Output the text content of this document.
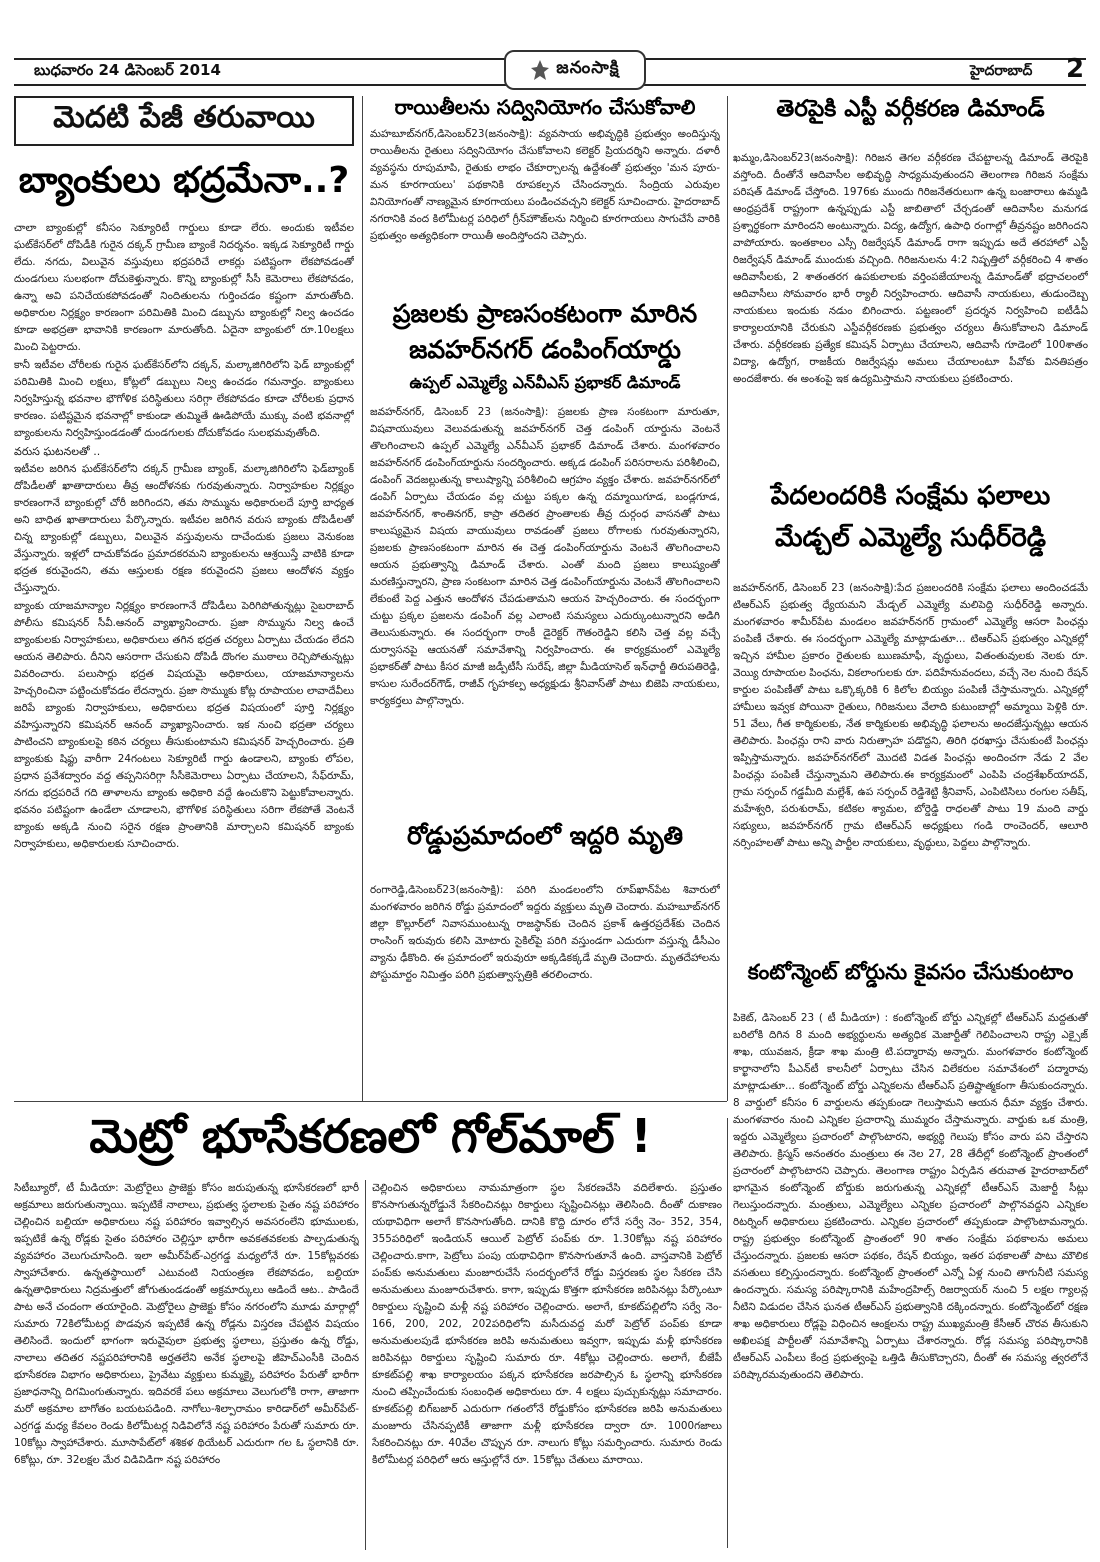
బుధవారం 24 డిసెంబర్ 2014	జనంసాక్షి	హైదరాబాద్ 2
మెదటి పేజీ తరువాయి
బ్యాంకులు భద్రమేనా..?

చాలా బ్యాంకుల్లో కనీసం సెక్యూరిటీ గార్డులు కూడా లేరు. అందుకు ఇటీవల ఘట్‌కేసర్‌లో దోపిడీకి గురైన దక్కన్‌ గ్రామీణ బ్యాంకే నిదర్శనం. ఇక్కడ సెక్యూరిటీ గార్డు లేదు. నగదు, విలువైన వస్తువులు భద్రపరిచే లాకర్లు పటిష్టంగా లేకపోవడంతో దుండగులు సులభంగా దోచుకెళ్తున్నారు. కొన్ని బ్యాంకుల్లో సీసీ కెమెరాలు లేకపోవడం, ఉన్నా అవి పనిచేయకపోవడంతో నిందితులను గుర్తించడం కష్టంగా మారుతోంది. అధికారుల నిర్లక్ష్యం కారణంగా పరిమితికి మించి డబ్బును బ్యాంకుల్లో నిల్వ ఉంచడం కూడా అభద్రతా భావానికి కారణంగా మారుతోంది. ఏదైనా బ్యాంకులో రూ.10లక్షలు మించి పెట్టరాదు.

కానీ ఇటీవల చోరీలకు గురైన ఘట్‌కేసర్‌లోని దక్కన్‌, మల్కాజిగిరిలోని ఫెడ్‌ బ్యాంకుల్లో పరిమితికి మించి లక్షలు, కోట్లలో డబ్బులు నిల్వ ఉంచడం గమనార్హం. బ్యాంకులు నిర్వహిస్తున్న భవనాల భౌగోళిక పరిస్థితులు సరిగ్గా లేకపోవడం కూడా చోరీలకు ప్రధాన కారణం. పటిష్టమైన భవనాల్లో కాకుండా తుమ్మితే ఊడిపోయే ముక్కు వంటి భవనాల్లో బ్యాంకులను నిర్వహిస్తుండడంతో దుండగులకు దోచుకోవడం సులభమవుతోంది.

వరుస ఘటనలతో ..

ఇటీవల జరిగిన ఘట్‌కేసర్‌లోని దక్కన్‌ గ్రామీణ బ్యాంక్‌, మల్కాజిగిరిలోని ఫెడ్‌బ్యాంక్‌ దోపిడీలతో ఖాతాదారులు తీవ్ర ఆందోళనకు గురవుతున్నారు. నిర్వాహకుల నిర్లక్ష్యం కారణంగానే బ్యాంకుల్లో చోరీ జరిగిందని, తమ సొమ్మును అధికారులదే పూర్తి బాధ్యత అని బాధిత ఖాతాదారులు పేర్కొన్నారు. ఇటీవల జరిగిన వరుస బ్యాంకు దోపిడీలతో చిన్న బ్యాంకుల్లో డబ్బులు, విలువైన వస్తువులను దాచేందుకు ప్రజలు వెనుకంజ వేస్తున్నారు. ఇళ్లలో దాచుకోవడం ప్రమాదకరమని బ్యాంకులను ఆశ్రయిస్తే వాటికి కూడా భద్రత కరువైందని, తమ ఆస్తులకు రక్షణ కరువైందని ప్రజలు ఆందోళన వ్యక్తం చేస్తున్నారు.

బ్యాంకు యాజమాన్యాల నిర్లక్ష్యం కారణంగానే దోపిడీలు పెరిగిపోతున్నట్లు సైబరాబాద్‌ పోలీసు కమిషనర్‌ సీవీ.ఆనంద్‌ వ్యాఖ్యానించారు. ప్రజా సొమ్మును నిల్వ ఉంచే బ్యాంకులకు నిర్వాహకులు, అధికారులు తగిన భద్రత చర్యలు ఏర్పాటు చేయడం లేదని ఆయన తెలిపారు. దీనిని ఆసరాగా చేసుకుని దోపిడీ దొంగల ముఠాలు రెచ్చిపోతున్నట్లు వివరించారు. పలుసార్లు భద్రత విషయమై అధికారులు, యాజమాన్యాలను హెచ్చరించినా పట్టించుకోవడం లేదన్నారు. ప్రజా సొమ్ముకు కోట్ల రూపాయల లావాదేవీలు జరిపే బ్యాంకు నిర్వాహకులు, అధికారులు భద్రత విషయంలో పూర్తి నిర్లక్ష్యం వహిస్తున్నారని కమిషనర్‌ ఆనంద్‌ వ్యాఖ్యానించారు. ఇక నుంచి భద్రతా చర్యలు పాటించని బ్యాంకులపై కఠిన చర్యలు తీసుకుంటామని కమిషనర్‌ హెచ్చరించారు. ప్రతి బ్యాంకుకు షిఫ్టు వారీగా 24గంటలు సెక్యూరిటీ గార్డు ఉండాలని, బ్యాంకు లోపల, ప్రధాన ప్రవేశద్వారం వద్ద తప్పనిసరిగ్గా సీసీకెమెరాలు ఏర్పాటు చేయాలని, సేఫ్‌రూమ్‌, నగదు భద్రపరిచే గది తాళాలను బ్యాంకు అధికారి వద్దే ఉంచుకొని పెట్టుకోవాలన్నారు. భవనం పటిష్టంగా ఉండేలా చూడాలని, భౌగోళిక పరిస్థితులు సరిగా లేకపోతే వెంటనే బ్యాంకు అక్కడి నుంచి సరైన రక్షణ ప్రాంతానికి మార్చాలని కమిషనర్‌ బ్యాంకు నిర్వాహకులు, అధికారులకు సూచించారు.

రాయితీలను సద్వినియోగం చేసుకోవాలి
మహబూబ్‌నగర్‌,డిసెంబర్‌23(జనంసాక్షి): వ్యవసాయ అభివృద్ధికి ప్రభుత్వం అందిస్తున్న రాయితీలను రైతులు సద్వినియోగం చేసుకోవాలని కలెక్టర్‌ ప్రియదర్శిని అన్నారు. దళారీ వ్యవస్థను రూపుమాపి, రైతుకు లాభం చేకూర్చాలన్న ఉద్దేశంతో ప్రభుత్వం 'మన పూరు-మన కూరగాయలు' పథకానికి రూపకల్పన చేసిందన్నారు. సేంద్రియ ఎరువుల వినియోగంతో నాణ్యమైన కూరగాయలు పండించవచ్చని కలెక్టర్‌ సూచించారు. హైదరాబాద్‌ నగరానికి వంద కిలోమీటర్ల పరిధిలో గ్రీన్‌హౌజ్‌లను నిర్మించి కూరగాయలు సాగుచేసే వారికి ప్రభుత్వం అత్యధికంగా రాయితీ అందిస్తోందని చెప్పారు.
ప్రజలకు ప్రాణసంకటంగా మారిన
జవహర్‌నగర్‌ డంపింగ్‌యార్డు
ఉప్పల్‌ ఎమ్మెల్యే ఎన్‌వీఎస్‌ ప్రభాకర్‌ డిమాండ్‌
జవహర్‌నగర్‌, డిసెంబర్‌ 23 (జనంసాక్షి): ప్రజలకు ప్రాణ సంకటంగా మారుతూ, విషవాయువులు వెలువడుతున్న జవహర్‌నగర్‌ చెత్త డంపింగ్‌ యార్డును వెంటనే తొలగించాలని ఉప్పల్‌ ఎమ్మెల్యే ఎన్‌వీఎస్‌ ప్రభాకర్‌ డిమాండ్‌ చేశారు. మంగళవారం జవహర్‌నగర్‌ డంపింగ్‌యార్డును సందర్శించారు. అక్కడ డంపింగ్‌ పరిసరాలను పరిశీలించి, డంపింగ్‌ వెదజల్లుతున్న కాలుష్యాన్ని పరిశీలించి ఆగ్రహం వ్యక్తం చేశారు. జవహర్‌నగర్‌లో డంపిగ్‌ ఏర్పాటు చేయడం వల్ల చుట్టు పక్కల ఉన్న దమ్మాయిగూడ, బండ్లగూడ, జవహర్‌నగర్‌, శాంతినగర్‌, కాప్రా తదితర ప్రాంతాలకు తీవ్ర దుర్గంధ వాసనతో పాటు కాలుష్యమైన విషయ వాయువులు రావడంతో ప్రజలు రోగాలకు గురవుతున్నారని, ప్రజలకు ప్రాణసంకటంగా మారిన ఈ చెత్త డంపింగ్‌యార్డును వెంటనే తొలగించాలని ఆయన ప్రభుత్వాన్ని డిమాండ్‌ చేశారు. ఎంతో మంది ప్రజలు కాలుష్యంతో మరణిస్తున్నారని, ప్రాణ సంకటంగా మారిన చెత్త డంపింగ్‌యార్డును వెంటనే తొలగించాలని లేకుంటే పెద్ద ఎత్తున ఆందోళన చేపడుతామని ఆయన హెచ్చరించారు. ఈ సందర్భంగా చుట్టు ప్రక్కల ప్రజలను డంపింగ్‌ వల్ల ఎలాంటి సమస్యలు ఎదుర్కుంటున్నారని అడిగి తెలుసుకున్నారు. ఈ సందర్భంగా రాంకీ డైరెక్టర్‌ గౌతంరెడ్డిని కలిసి చెత్త వల్ల వచ్చే దుర్వాసనపై ఆయనతో సమావేశాన్ని నిర్వహించారు. ఈ కార్యక్రమంలో ఎమ్మెల్యే ప్రభాకర్‌తో పాటు కీసర మాజీ జడ్పీటీసీ సురేష్‌, జిల్లా మీడియాసెల్‌ ఇన్‌ఛార్జీ తిరుపతిరెడ్డి, కాసుల సురేందర్‌గౌడ్‌, రాజీవ్‌ గృహకల్ప అధ్యక్షుడు శ్రీనివాస్‌తో పాటు బిజెపి నాయకులు, కార్యకర్తలు పాల్గొన్నారు.
రోడ్డుప్రమాదంలో ఇద్దరి మృతి
రంగారెడ్డి,డిసెంబర్‌23(జనంసాక్షి): పరిగి మండలంలోని రూప్‌ఖాన్‌పేట శివారులో మంగళవారం జరిగిన రోడ్డు ప్రమాదంలో ఇద్దరు వ్యక్తులు మృతి చెందారు. మహబూబ్‌నగర్‌ జిల్లా కొల్లూర్‌లో నివాసముంటున్న రాజస్థాన్‌కు చెందిన ప్రకాశ్‌ ఉత్తరప్రదేశ్‌కు చెందిన రాంసింగ్‌ ఇరువురు కలిసి మోటారు సైకిల్‌పై పరిగి వస్తుండగా ఎదురుగా వస్తున్న డీసీఎం వ్యాను ఢీకొంది. ఈ ప్రమాదంలో ఇరువురూ అక్కడికక్కడే మృతి చెందారు. మృతదేహాలను పోస్టుమార్టం నిమిత్తం పరిగి ప్రభుత్వాస్పత్రికి తరలించారు.
తెరపైకి ఎస్టీ వర్గీకరణ డిమాండ్‌
ఖమ్మం,డిసెంబర్‌23(జనంసాక్షి): గిరిజన తెగల వర్గీకరణ చేపట్టాలన్న డిమాండ్‌ తెరపైకి వస్తోంది. దీంతోనే ఆదివాసీల అభివృద్ధి సాధ్యమవుతుందని తెలంగాణ గిరిజన సంక్షేమ పరిషత్‌ డిమాండ్‌ చేస్తోంది. 1976కు ముందు గిరిజనేతరులుగా ఉన్న బంజారాలు ఉమ్మడి ఆంధ్రప్రదేశ్‌ రాష్ట్రంగా ఉన్నప్పుడు ఎస్టీ జాబితాలో చేర్చడంతో ఆదివాసీల మనుగడ ప్రశ్నార్థకంగా మారిందని అంటున్నారు. విద్య, ఉద్యోగ, ఉపాధి రంగాల్లో తీవ్రనష్టం జరిగిందని వాపోయారు. ఇంతకాలం ఎస్సీ రిజర్వేషన్‌ డిమాండ్‌ రాగా ఇప్పుడు అదే తరహాలో ఎస్టీ రిజర్వేషన్‌ డిమాండ్‌ ముందుకు వచ్చింది. గిరిజనులను 4:2 నిష్పత్తిలో వర్గీకరించి 4 శాతం ఆదివాసీలకు, 2 శాతంతరగ ఉపకులాలకు వర్తింపజేయాలన్న డిమాండ్‌తో భద్రాచలంలో ఆదివాసీలు సోమవారం భారీ ర్యాలీ నిర్వహించారు. ఆదివాసీ నాయకులు, తుడుందెబ్బ నాయకులు ఇందుకు నడుం బిగించారు. పట్టణంలో ప్రదర్శన నిర్వహించి ఐటీడీఏ కార్యాలయానికి చేరుకుని ఎస్టీవర్గీకరణకు ప్రభుత్వం చర్యలు తీసుకోవాలని డిమాండ్‌ చేశారు. వర్గీకరణకు ప్రత్యేక కమిషన్‌ ఏర్పాటు చేయాలని, ఆదివాసీ గూడెంలో 100శాతం విద్యా, ఉద్యోగ, రాజకీయ రిజర్వేషన్లు అమలు చేయాలంటూ పీవోకు వినతిపత్రం అందజేశారు. ఈ అంశంపై ఇక ఉద్యమిస్తామని నాయకులు ప్రకటించారు.
పేదలందరికి సంక్షేమ ఫలాలు
మేడ్చల్‌ ఎమ్మెల్యే సుధీర్‌రెడ్డి
జవహర్‌నగర్‌, డిసెంబర్‌ 23 (జనంసాక్షి):పేద ప్రజలందరికి సంక్షేమ ఫలాలు అందించడమే టిఆర్‌ఎస్‌ ప్రభుత్వ ధ్యేయమని మేడ్చల్‌ ఎమ్మెల్యే మలిపెద్ది సుధీర్‌రెడ్డి అన్నారు. మంగళవారం శామీర్‌పేట మండలం జవహర్‌నగర్‌ గ్రామంలో ఎమ్మెల్యే ఆసరా పింఛన్లు పంపిణీ చేశారు. ఈ సందర్భంగా ఎమ్మెల్యే మాట్లాడుతూ... టిఆర్‌ఎస్‌ ప్రభుత్వం ఎన్నికల్లో ఇచ్చిన హామీల ప్రకారం రైతులకు ఋణమాఫీ, వృద్ధులు, వితంతువులకు నెలకు రూ. వెయ్యి రూపాయల పింఛను, వికలాంగులకు రూ. పదిహేనువందలు, వచ్చే నెల నుంచి రేషన్‌ కార్డుల పంపిణీతో పాటు ఒక్కొక్కరికి 6 కిలోల బియ్యం పంపిణీ చేస్తామన్నారు. ఎన్నికల్లో హామీలు ఇవ్వక పోయినా రైతులు, గిరిజనులు వేలాది కుటుంబాల్లో అమ్మాయి పెళ్లికి రూ. 51 వేలు, గీత కార్మికులకు, నేత కార్మికులకు అభివృద్ధి ఫలాలను అందజేస్తున్నట్లు ఆయన తెలిపారు. పింఛన్లు రాని వారు నిరుత్సాహ పడొద్దని, తిరిగి ధరఖాస్తు చేసుకుంటే పింఛన్లు ఇప్పిస్తామన్నారు. జవహర్‌నగర్‌లో మొదటి విడత పింఛన్లు అందించగా నేడు 2 వేల పింఛన్లు పంపిణీ చేస్తున్నామని తెలిపారు.ఈ కార్యక్రమంలో ఎంపిపి చంద్రశేఖర్‌యాదవ్‌, గ్రామ సర్పంచ్‌ గడ్డమీది మల్లేశ్‌, ఉప సర్పంచ్‌ రెడ్డిశెట్టి శ్రీనివాస్‌, ఎంపిటిసిలు రంగుల సతీష్‌, మహేశ్వరి, పరుశురామ్‌, కటికల శ్యామల, బోర్డెడ్డి రాధలతో పాటు 19 మంది వార్డు సభ్యులు, జవహర్‌నగర్‌ గ్రామ టిఆర్‌ఎస్‌ అధ్యక్షులు గండి రాంచెందర్‌, ఆలూరి నర్సింహలతో పాటు అన్ని పార్టీల నాయకులు, వృద్ధులు, పెద్దలు పాల్గొన్నారు.
కంటోన్మెంట్‌ బోర్డును కైవసం చేసుకుంటాం
పికెట్‌, డిసెంబర్‌ 23 ( టీ మీడియా) : కంటోన్మెంట్‌ బోర్డు ఎన్నికల్లో టీఆర్‌ఎస్‌ మద్దతుతో బరిలోకి దిగిన 8 మంది అభ్యర్థులను అత్యధిక మెజార్టీతో గెలిపించాలని రాష్ట్ర ఎక్సైజ్‌ శాఖ, యువజన, క్రీడా శాఖ మంత్రి టి.పద్మారావు అన్నారు. మంగళవారం కంటోన్మెంట్‌ కార్ఖానాలోని పీఎన్‌టీ కాలనీలో ఏర్పాటు చేసిన విలేకరుల సమావేశంలో పద్మారావు మాట్లాడుతూ... కంటోన్మెంట్‌ బోర్డు ఎన్నికలను టీఆర్‌ఎస్‌ ప్రతిష్టాత్మకంగా తీసుకుందన్నారు. 8 వార్డులో కనీసం 6 వార్డులను తప్పకుండా గెలుస్తామని ఆయన ధీమా వ్యక్తం చేశారు. మంగళవారం నుంచి ఎన్నికల ప్రచారాన్ని ముమ్మరం చేస్తామన్నారు. వార్డుకు ఒక మంత్రి, ఇద్దరు ఎమ్మెల్యేలు ప్రచారంలో పాల్గొంటారని, అభ్యర్థి గెలుపు కోసం వారు పని చేస్తారని తెలిపారు. క్రిస్మస్‌ అనంతరం మంత్రులు ఈ నెల 27, 28 తేదీల్లో కంటోన్మెంట్‌ ప్రాంతంలో ప్రచారంలో పాల్గొంటారని చెప్పారు. తెలంగాణ రాష్ట్రం ఏర్పడిన తరువాత హైదరాబాద్‌లో భాగమైన కంటోన్మెంట్‌ బోర్డుకు జరుగుతున్న ఎన్నికల్లో టీఆర్‌ఎస్‌ మెజార్టీ సీట్లు గెలుస్తుందన్నారు. మంత్రులు, ఎమ్మెల్యేలు ఎన్నికల ప్రచారంలో పాల్గొనవద్దని ఎన్నికల రిటర్నింగ్‌ అధికారులు ప్రకటించారు. ఎన్నికల ప్రచారంలో తప్పకుండా పాల్గొంటామన్నారు. రాష్ట్ర ప్రభుత్వం కంటోన్మెంట్‌ ప్రాంతంలో 90 శాతం సంక్షేమ పథకాలను అమలు చేస్తుందన్నారు. ప్రజలకు ఆసరా పథకం, రేషన్‌ బియ్యం, ఇతర పథకాలతో పాటు మౌలిక వసతులు కల్పిస్తుందన్నారు. కంటోన్మెంట్‌ ప్రాంతంలో ఎన్నో ఏళ్ల నుంచి తాగునీటి సమస్య ఉందన్నారు. సమస్య పరిష్కారానికి మహేంద్రహిల్స్‌ రిజర్వాయర్‌ నుంచి 5 లక్షల గ్యాలన్ల నీటిని విడుదల చేసిన ఘనత టీఆర్‌ఎస్‌ ప్రభుత్వానికి దక్కిందన్నారు. కంటోన్మెంట్‌లో రక్షణ శాఖ అధికారులు రోడ్లపై విధించిన ఆంక్షలను రాష్ట్ర ముఖ్యమంత్రి కేసీఆర్‌ చొరవ తీసుకుని అఖిలపక్ష పార్టీలతో సమావేశాన్ని ఏర్పాటు చేశారన్నారు. రోడ్ల సమస్య పరిష్కారానికి టీఆర్‌ఎస్‌ ఎంపీలు కేంద్ర ప్రభుత్వంపై ఒత్తిడి తీసుకొచ్చారని, దీంతో ఈ సమస్య త్వరలోనే పరిష్కారమవుతుందని తెలిపారు.
మెట్రో భూసేకరణలో గోల్‌మాల్‌ !
సిటీబ్యూరో, టీ మీడియా: మెట్రోరైలు ప్రాజెక్టు కోసం జరుపుతున్న భూసేకరణలో భారీ అక్రమాలు జరుగుతున్నాయి. ఇప్పటికే నాలాలు, ప్రభుత్వ స్థలాలకు సైతం నష్ట పరిహారం చెల్లించిన బల్దియా అధికారులు నష్ట పరిహారం ఇవ్వాల్సిన అవసరంలేని భూములకు, ఇప్పటికే ఉన్న రోడ్లకు సైతం పరిహారం చెల్లిస్తూ భారీగా అవకతవకలకు పాల్పడుతున్న వ్యవహారం వెలుగుచూసింది. ఇలా అమీర్‌పేట్‌-ఎర్రగడ్డ మధ్యలోనే రూ. 15కోట్లవరకు స్వాహాచేశారు. ఉన్నతస్థాయిలో ఎటువంటి నియంత్రణ లేకపోవడం, బల్దియా ఉన్నతాధికారులు నిద్రమత్తులో జోగుతుండడంతో అక్రమార్కులు ఆడిందే ఆట.. పాడిందే పాట అనే చందంగా తయారైంది. మెట్రోరైలు ప్రాజెక్టు కోసం నగరంలోని మూడు మార్గాల్లో సుమారు 72కిలోమీటర్ల పొడవున ఇప్పటికే ఉన్న రోడ్లను విస్తరణ చేపట్టిన విషయం తెలిసిందే. ఇందులో భాగంగా ఇరువైపులా ప్రభుత్వ స్థలాలు, ప్రస్తుతం ఉన్న రోడ్డు, నాలాలు తదితర నష్టపరిహారానికి అర్హతలేని అనేక స్థలాలపై జీహెచ్‌ఎంసీకి చెందిన భూసేకరణ విభాగం అధికారులు, ప్రైవేటు వ్యక్తులు కుమ్మక్కై పరిహారం పేరుతో భారీగా ప్రజాధనాన్ని దిగమింగుతున్నారు. ఇదివరకే పలు అక్రమాలు వెలుగులోకి రాగా, తాజాగా మరో అక్రమాల బాగోతం బయటపడింది. నాగోలు-శిల్పారామం కారిడార్‌లో అమీర్‌పేట్‌-ఎర్రగడ్డ మధ్య కేవలం రెండు కిలోమీటర్ల నిడివిలోనే నష్ట పరిహారం పేరుతో సుమారు రూ. 10కోట్లు స్వాహాచేశారు. మూసాపేట్‌లో శశికళ థియేటర్‌ ఎదురుగా గల ఓ స్థలానికి రూ. 6కోట్లు, రూ. 32లక్షల మేర విడివిడిగా నష్ట పరిహారం
చెల్లించిన అధికారులు నామమాత్రంగా స్థల సేకరణచేసి వదిలేశారు. ప్రస్తుతం కొనసాగుతున్నరోడ్డునే సేకరించినట్లు రికార్డులు సృష్టించినట్లు తెలిసింది. దీంతో దుకాణం యథావిధిగా అలాగే కొనసాగుతోంది. దానికి కొద్ది దూరం లోనే సర్వే నెం- 352, 354, 355పరిధిలో ఇండియన్‌ ఆయిల్‌ పెట్రోల్‌ పంప్‌కు రూ. 1.30కోట్లు నష్ట పరిహారం చెల్లించారు.కాగా, పెట్రోలు పంపు యథావిధిగా కొనసాగుతూనే ఉంది. వాస్తవానికి పెట్రోల్‌ పంప్‌కు అనుమతులు మంజూరుచేసే సందర్భంలోనే రోడ్డు విస్తరణకు స్థల సేకరణ చేసి అనుమతులు మంజూరుచేశారు. కాగా, ఇప్పుడు కొత్తగా భూసేకరణ జరిపినట్లు పేర్కొంటూ రికార్డులు సృష్టించి మళ్లీ నష్ట పరిహారం చెల్లించారు. అలాగే, కూకట్‌పల్లిలోని సర్వే నెం- 166, 200, 202, 202పరిధిలోని మసీదువద్ద మరో పెట్రోల్‌ పంప్‌కు కూడా అనుమతులపుడే భూసేకరణ జరిపి అనుమతులు ఇవ్వగా, ఇప్పుడు మళ్లీ భూసేకరణ జరిపినట్లు రికార్డులు సృష్టించి సుమారు రూ. 4కోట్లు చెల్లించారు. అలాగే, బీజేపీ కూకట్‌పల్లి శాఖ కార్యాలయం పక్కన భూసేకరణ జరపాల్సిన ఓ స్థలాన్ని భూసేకరణ నుంచి తప్పించేందుకు సంబంధిత అధికారులు రూ. 4 లక్షలు పుచ్చుకున్నట్లు సమాచారం. కూకట్‌పల్లి బిగ్‌బజార్‌ ఎదురుగా గతంలోనే రోడ్డుకోసం భూసేకరణ జరిపి అనుమతులు మంజూరు చేసినప్పటికీ తాజాగా మళ్లీ భూసేకరణ ద్వారా రూ. 1000గజాలు సేకరించినట్లు రూ. 40వేల చొప్పున రూ. నాలుగు కోట్లు సమర్పించారు. సుమారు రెండు కిలోమీటర్ల పరిధిలో ఆరు ఆస్తుల్లోనే రూ. 15కోట్లు చేతులు మారాయి.
